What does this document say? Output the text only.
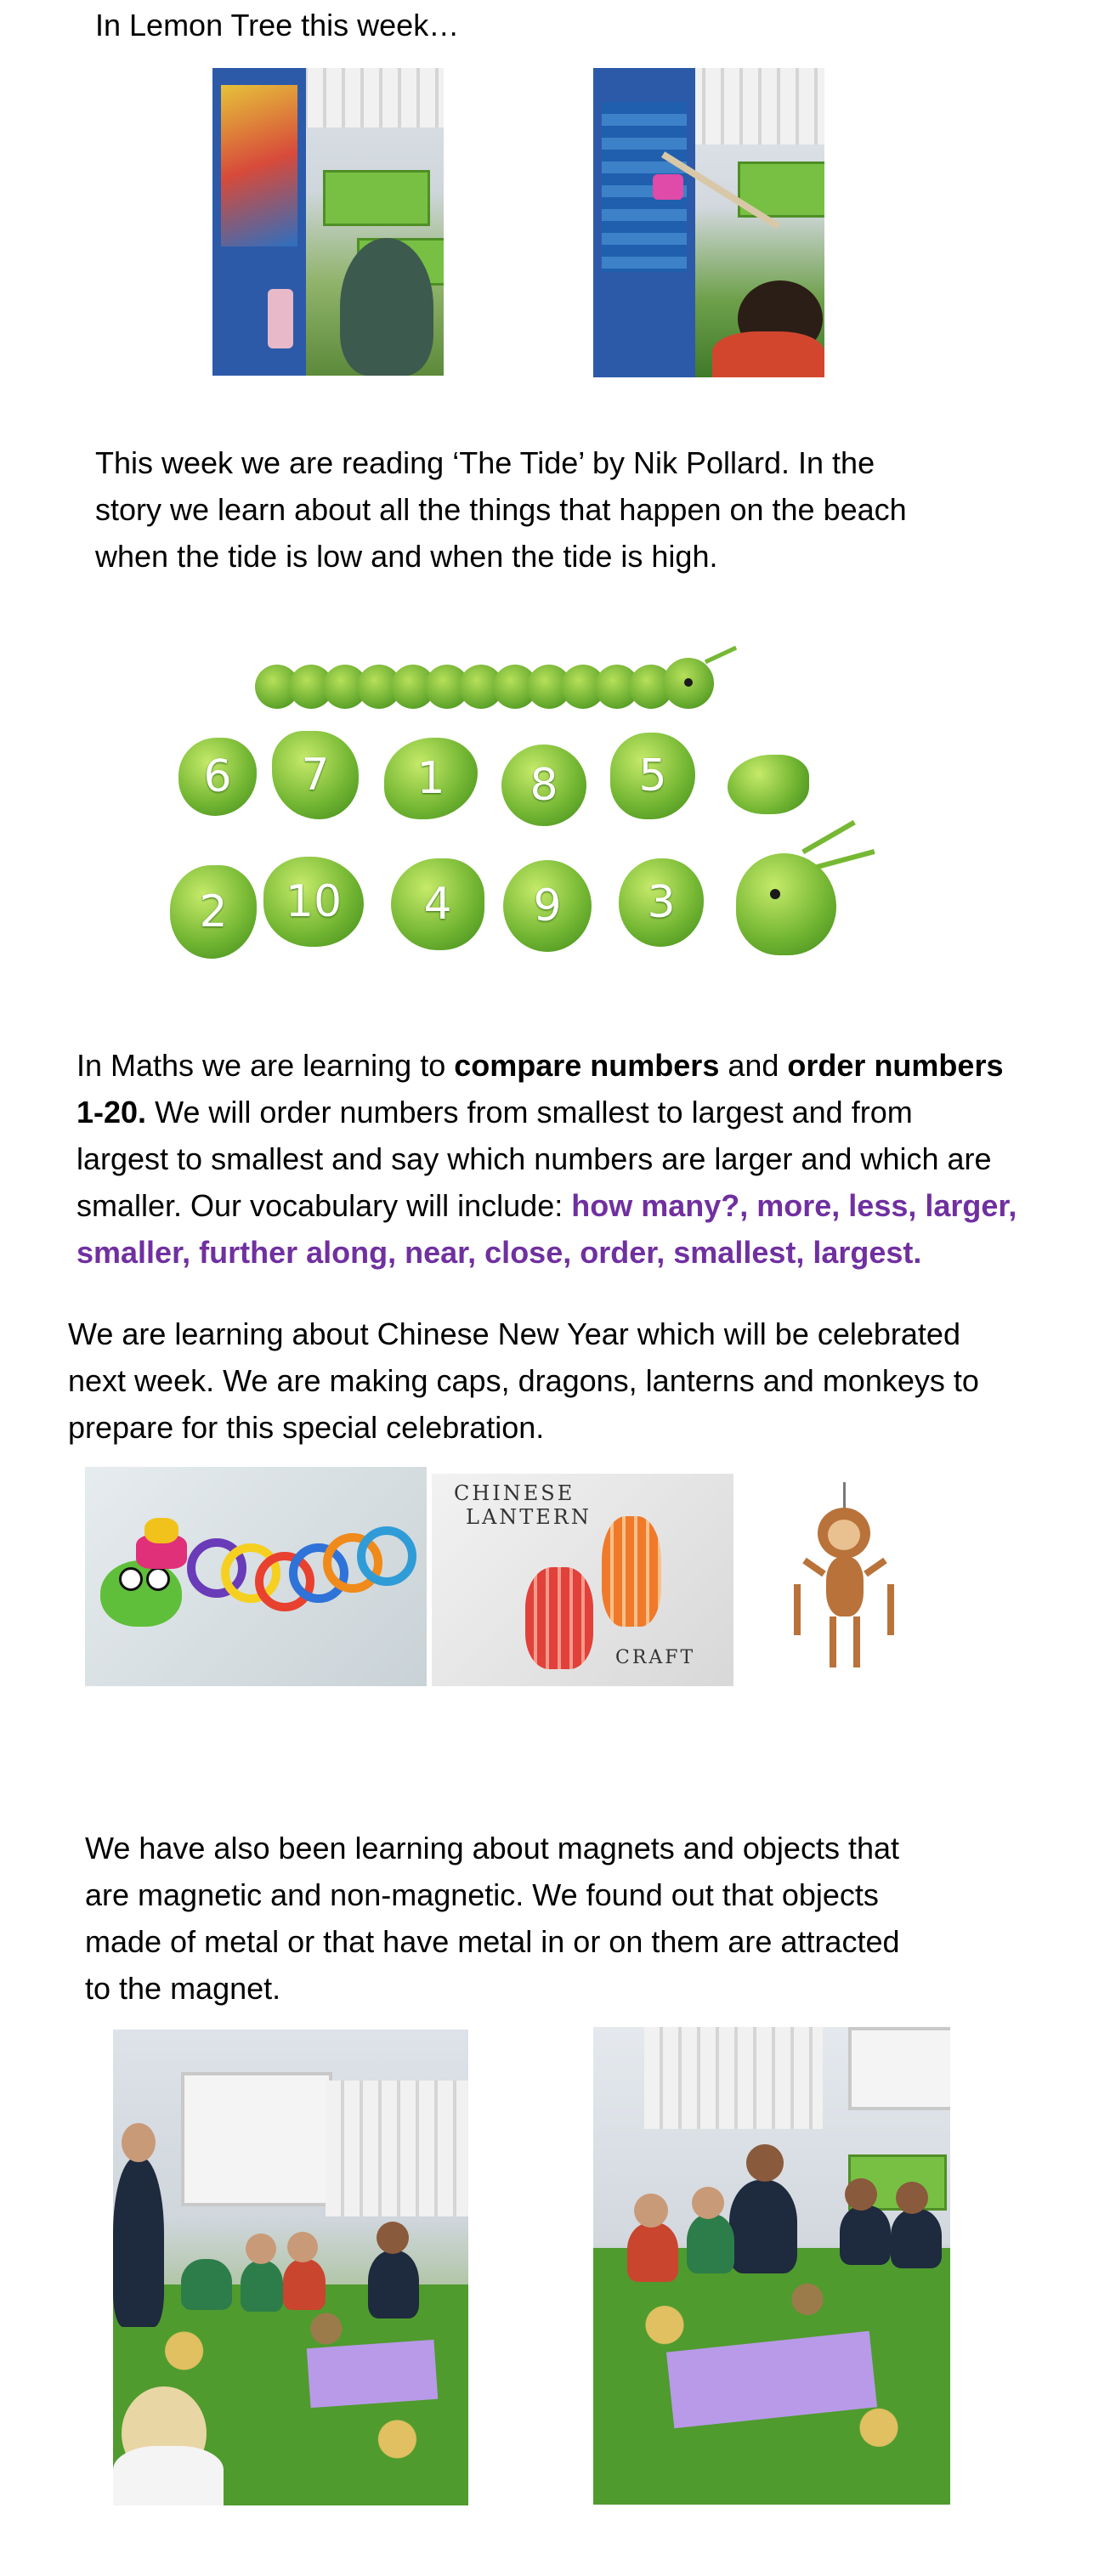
In Lemon Tree this week…
This week we are reading ‘The Tide’ by Nik Pollard. In the
story we learn about all the things that happen on the beach
when the tide is low and when the tide is high.
6 7 1 8 5
2 10 4 9 3
In Maths we are learning to compare numbers and order numbers
1-20. We will order numbers from smallest to largest and from
largest to smallest and say which numbers are larger and which are
smaller. Our vocabulary will include: how many?, more, less, larger,
smaller, further along, near, close, order, smallest, largest.
We are learning about Chinese New Year which will be celebrated
next week. We are making caps, dragons, lanterns and monkeys to
prepare for this special celebration.
CHINESE
LANTERN
CRAFT
We have also been learning about magnets and objects that
are magnetic and non-magnetic. We found out that objects
made of metal or that have metal in or on them are attracted
to the magnet.
